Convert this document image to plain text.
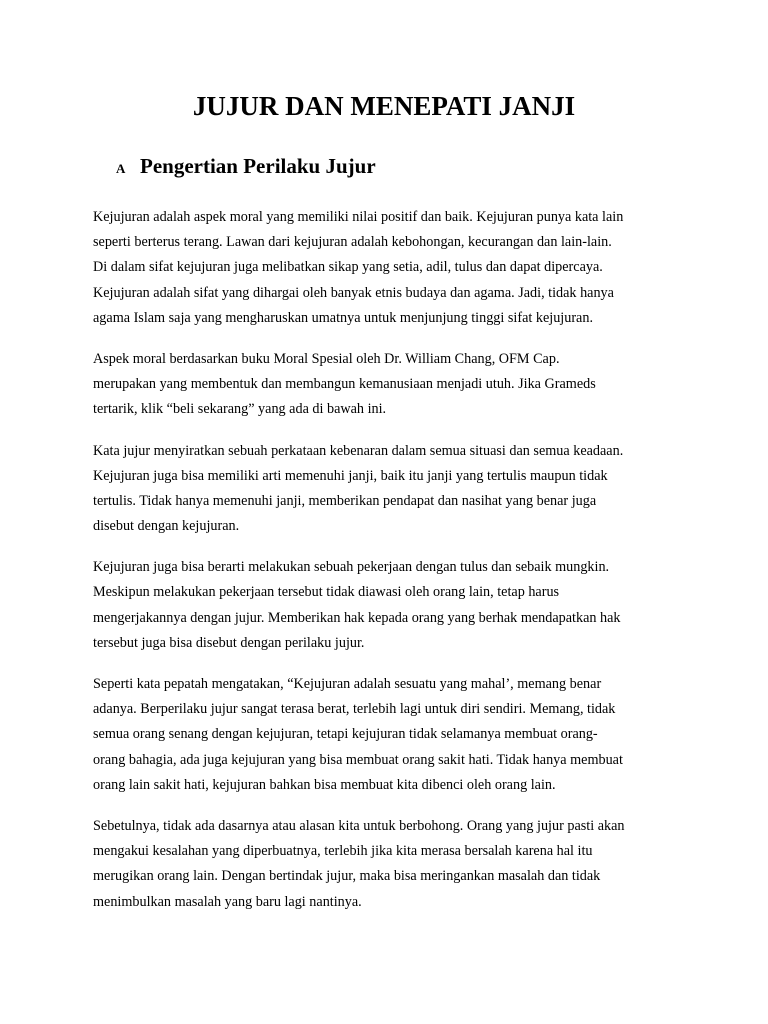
JUJUR DAN MENEPATI JANJI
A Pengertian Perilaku Jujur

Kejujuran adalah aspek moral yang memiliki nilai positif dan baik. Kejujuran punya kata lain
seperti berterus terang. Lawan dari kejujuran adalah kebohongan, kecurangan dan lain-lain.
Di dalam sifat kejujuran juga melibatkan sikap yang setia, adil, tulus dan dapat dipercaya.
Kejujuran adalah sifat yang dihargai oleh banyak etnis budaya dan agama. Jadi, tidak hanya
agama Islam saja yang mengharuskan umatnya untuk menjunjung tinggi sifat kejujuran.

Aspek moral berdasarkan buku Moral Spesial oleh Dr. William Chang, OFM Cap.
merupakan yang membentuk dan membangun kemanusiaan menjadi utuh. Jika Grameds
tertarik, klik “beli sekarang” yang ada di bawah ini.

Kata jujur menyiratkan sebuah perkataan kebenaran dalam semua situasi dan semua keadaan.
Kejujuran juga bisa memiliki arti memenuhi janji, baik itu janji yang tertulis maupun tidak
tertulis. Tidak hanya memenuhi janji, memberikan pendapat dan nasihat yang benar juga
disebut dengan kejujuran.

Kejujuran juga bisa berarti melakukan sebuah pekerjaan dengan tulus dan sebaik mungkin.
Meskipun melakukan pekerjaan tersebut tidak diawasi oleh orang lain, tetap harus
mengerjakannya dengan jujur. Memberikan hak kepada orang yang berhak mendapatkan hak
tersebut juga bisa disebut dengan perilaku jujur.

Seperti kata pepatah mengatakan, “Kejujuran adalah sesuatu yang mahal’, memang benar
adanya. Berperilaku jujur sangat terasa berat, terlebih lagi untuk diri sendiri. Memang, tidak
semua orang senang dengan kejujuran, tetapi kejujuran tidak selamanya membuat orang-
orang bahagia, ada juga kejujuran yang bisa membuat orang sakit hati. Tidak hanya membuat
orang lain sakit hati, kejujuran bahkan bisa membuat kita dibenci oleh orang lain.

Sebetulnya, tidak ada dasarnya atau alasan kita untuk berbohong. Orang yang jujur pasti akan
mengakui kesalahan yang diperbuatnya, terlebih jika kita merasa bersalah karena hal itu
merugikan orang lain. Dengan bertindak jujur, maka bisa meringankan masalah dan tidak
menimbulkan masalah yang baru lagi nantinya.
